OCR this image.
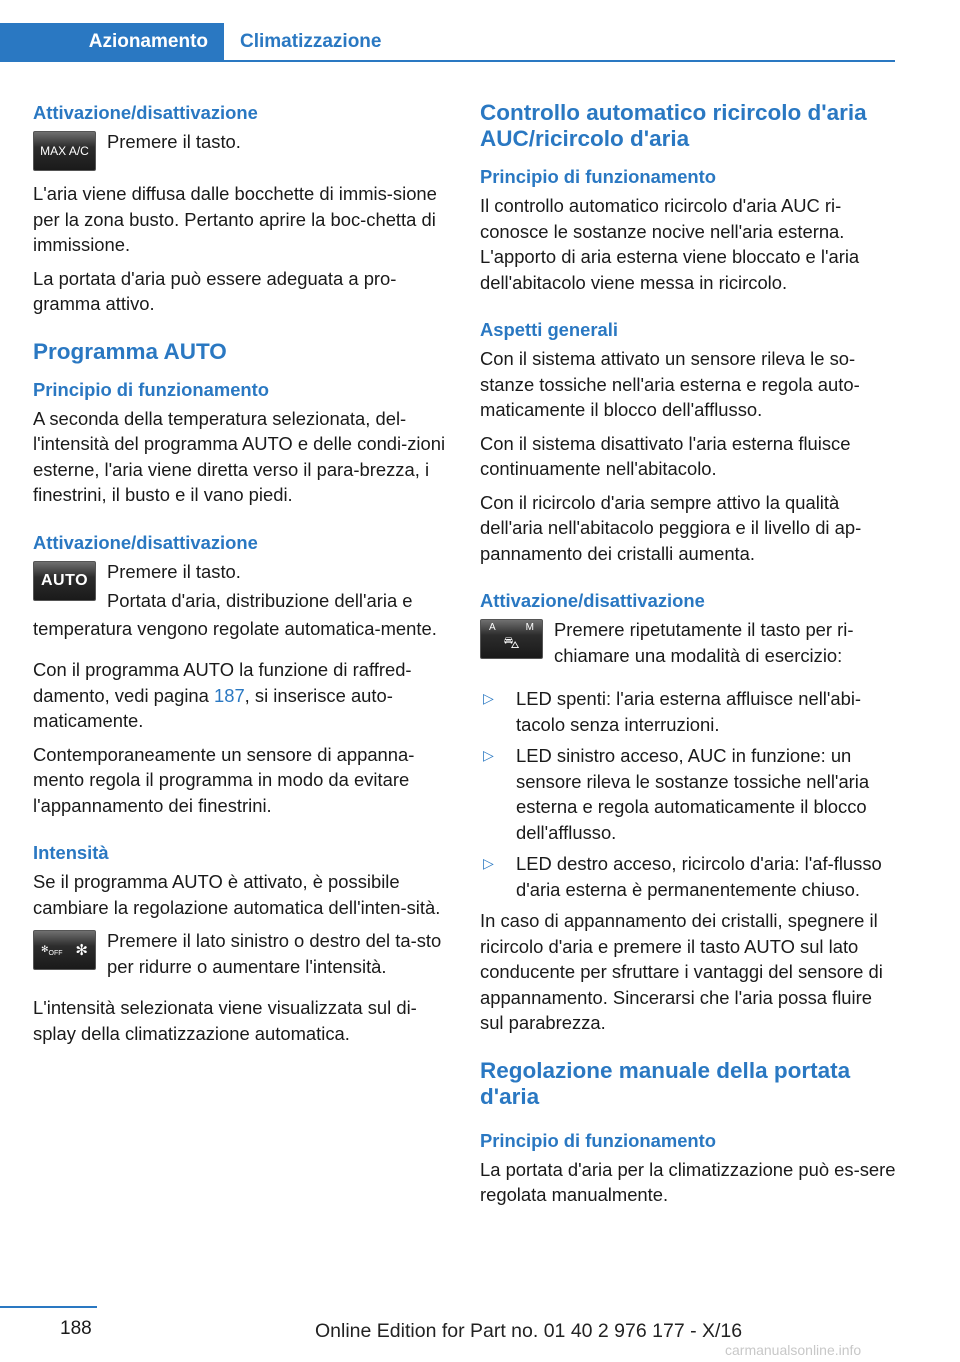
Azionamento	Climatizzazione
Attivazione/disattivazione
MAX A/C Premere il tasto.

L'aria viene diffusa dalle bocchette di immis-sione per la zona busto. Pertanto aprire la boc-chetta di immissione.

La portata d'aria può essere adeguata a pro-gramma attivo.

Programma AUTO
Principio di funzionamento

A seconda della temperatura selezionata, del-l'intensità del programma AUTO e delle condi-zioni esterne, l'aria viene diretta verso il para-brezza, i finestrini, il busto e il vano piedi.

Attivazione/disattivazione
AUTO	Premere il tasto.

Portata d'aria, distribuzione dell'aria e

temperatura vengono regolate automatica-mente.

Con il programma AUTO la funzione di raffred-damento, vedi pagina 187, si inserisce auto-maticamente.

Contemporaneamente un sensore di appanna-mento regola il programma in modo da evitare l'appannamento dei finestrini.

Intensità

Se il programma AUTO è attivato, è possibile cambiare la regolazione automatica dell'inten-sità.

$✻_{OFF}$ ✻ Premere il lato sinistro o destro del ta-sto per ridurre o aumentare l'intensità.

L'intensità selezionata viene visualizzata sul di-splay della climatizzazione automatica.

Controllo automatico ricircolo d'aria AUC/ricircolo d'aria
Principio di funzionamento

Il controllo automatico ricircolo d'aria AUC ri-conosce le sostanze nocive nell'aria esterna. L'apporto di aria esterna viene bloccato e l'aria dell'abitacolo viene messa in ricircolo.

Aspetti generali

Con il sistema attivato un sensore rileva le so-stanze tossiche nell'aria esterna e regola auto-maticamente il blocco dell'afflusso.

Con il sistema disattivato l'aria esterna fluisce continuamente nell'abitacolo.

Con il ricircolo d'aria sempre attivo la qualità dell'aria nell'abitacolo peggiora e il livello di ap-pannamento dei cristalli aumenta.

Attivazione/disattivazione
A	M
⛍

Premere ripetutamente il tasto per ri-chiamare una modalità di esercizio:

▷	LED spenti: l'aria esterna affluisce nell'abi-tacolo senza interruzioni.
▷	LED sinistro acceso, AUC in funzione: un sensore rileva le sostanze tossiche nell'aria esterna e regola automaticamente il blocco dell'afflusso.
▷	LED destro acceso, ricircolo d'aria: l'af-flusso d'aria esterna è permanentemente chiuso.

In caso di appannamento dei cristalli, spegnere il ricircolo d'aria e premere il tasto AUTO sul lato conducente per sfruttare i vantaggi del sensore di appannamento. Sincerarsi che l'aria possa fluire sul parabrezza.

Regolazione manuale della portata d'aria
Principio di funzionamento

La portata d'aria per la climatizzazione può es-sere regolata manualmente.

188	Online Edition for Part no. 01 40 2 976 177 - X/16
carmanualsonline.info
